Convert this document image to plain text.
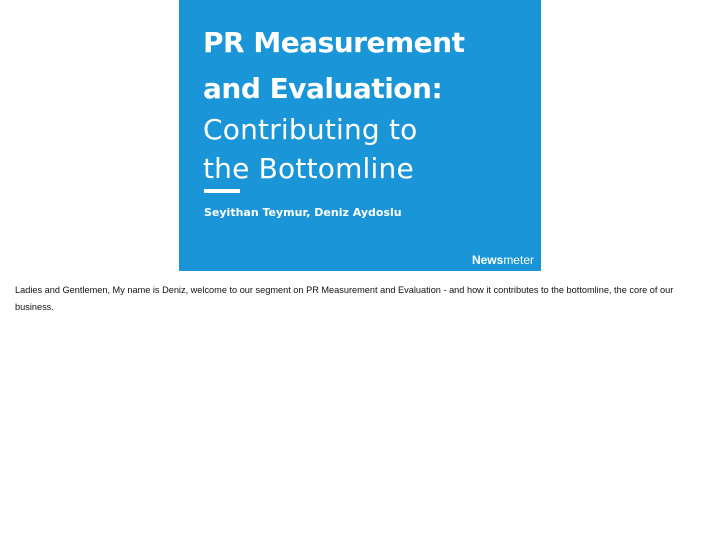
PR Measurement
and Evaluation:
Contributing to
the Bottomline
Seyithan Teymur, Deniz Aydoslu
Newsmeter
Ladies and Gentlemen, My name is Deniz, welcome to our segment on PR Measurement and Evaluation - and how it contributes to the bottomline, the core of our business.
